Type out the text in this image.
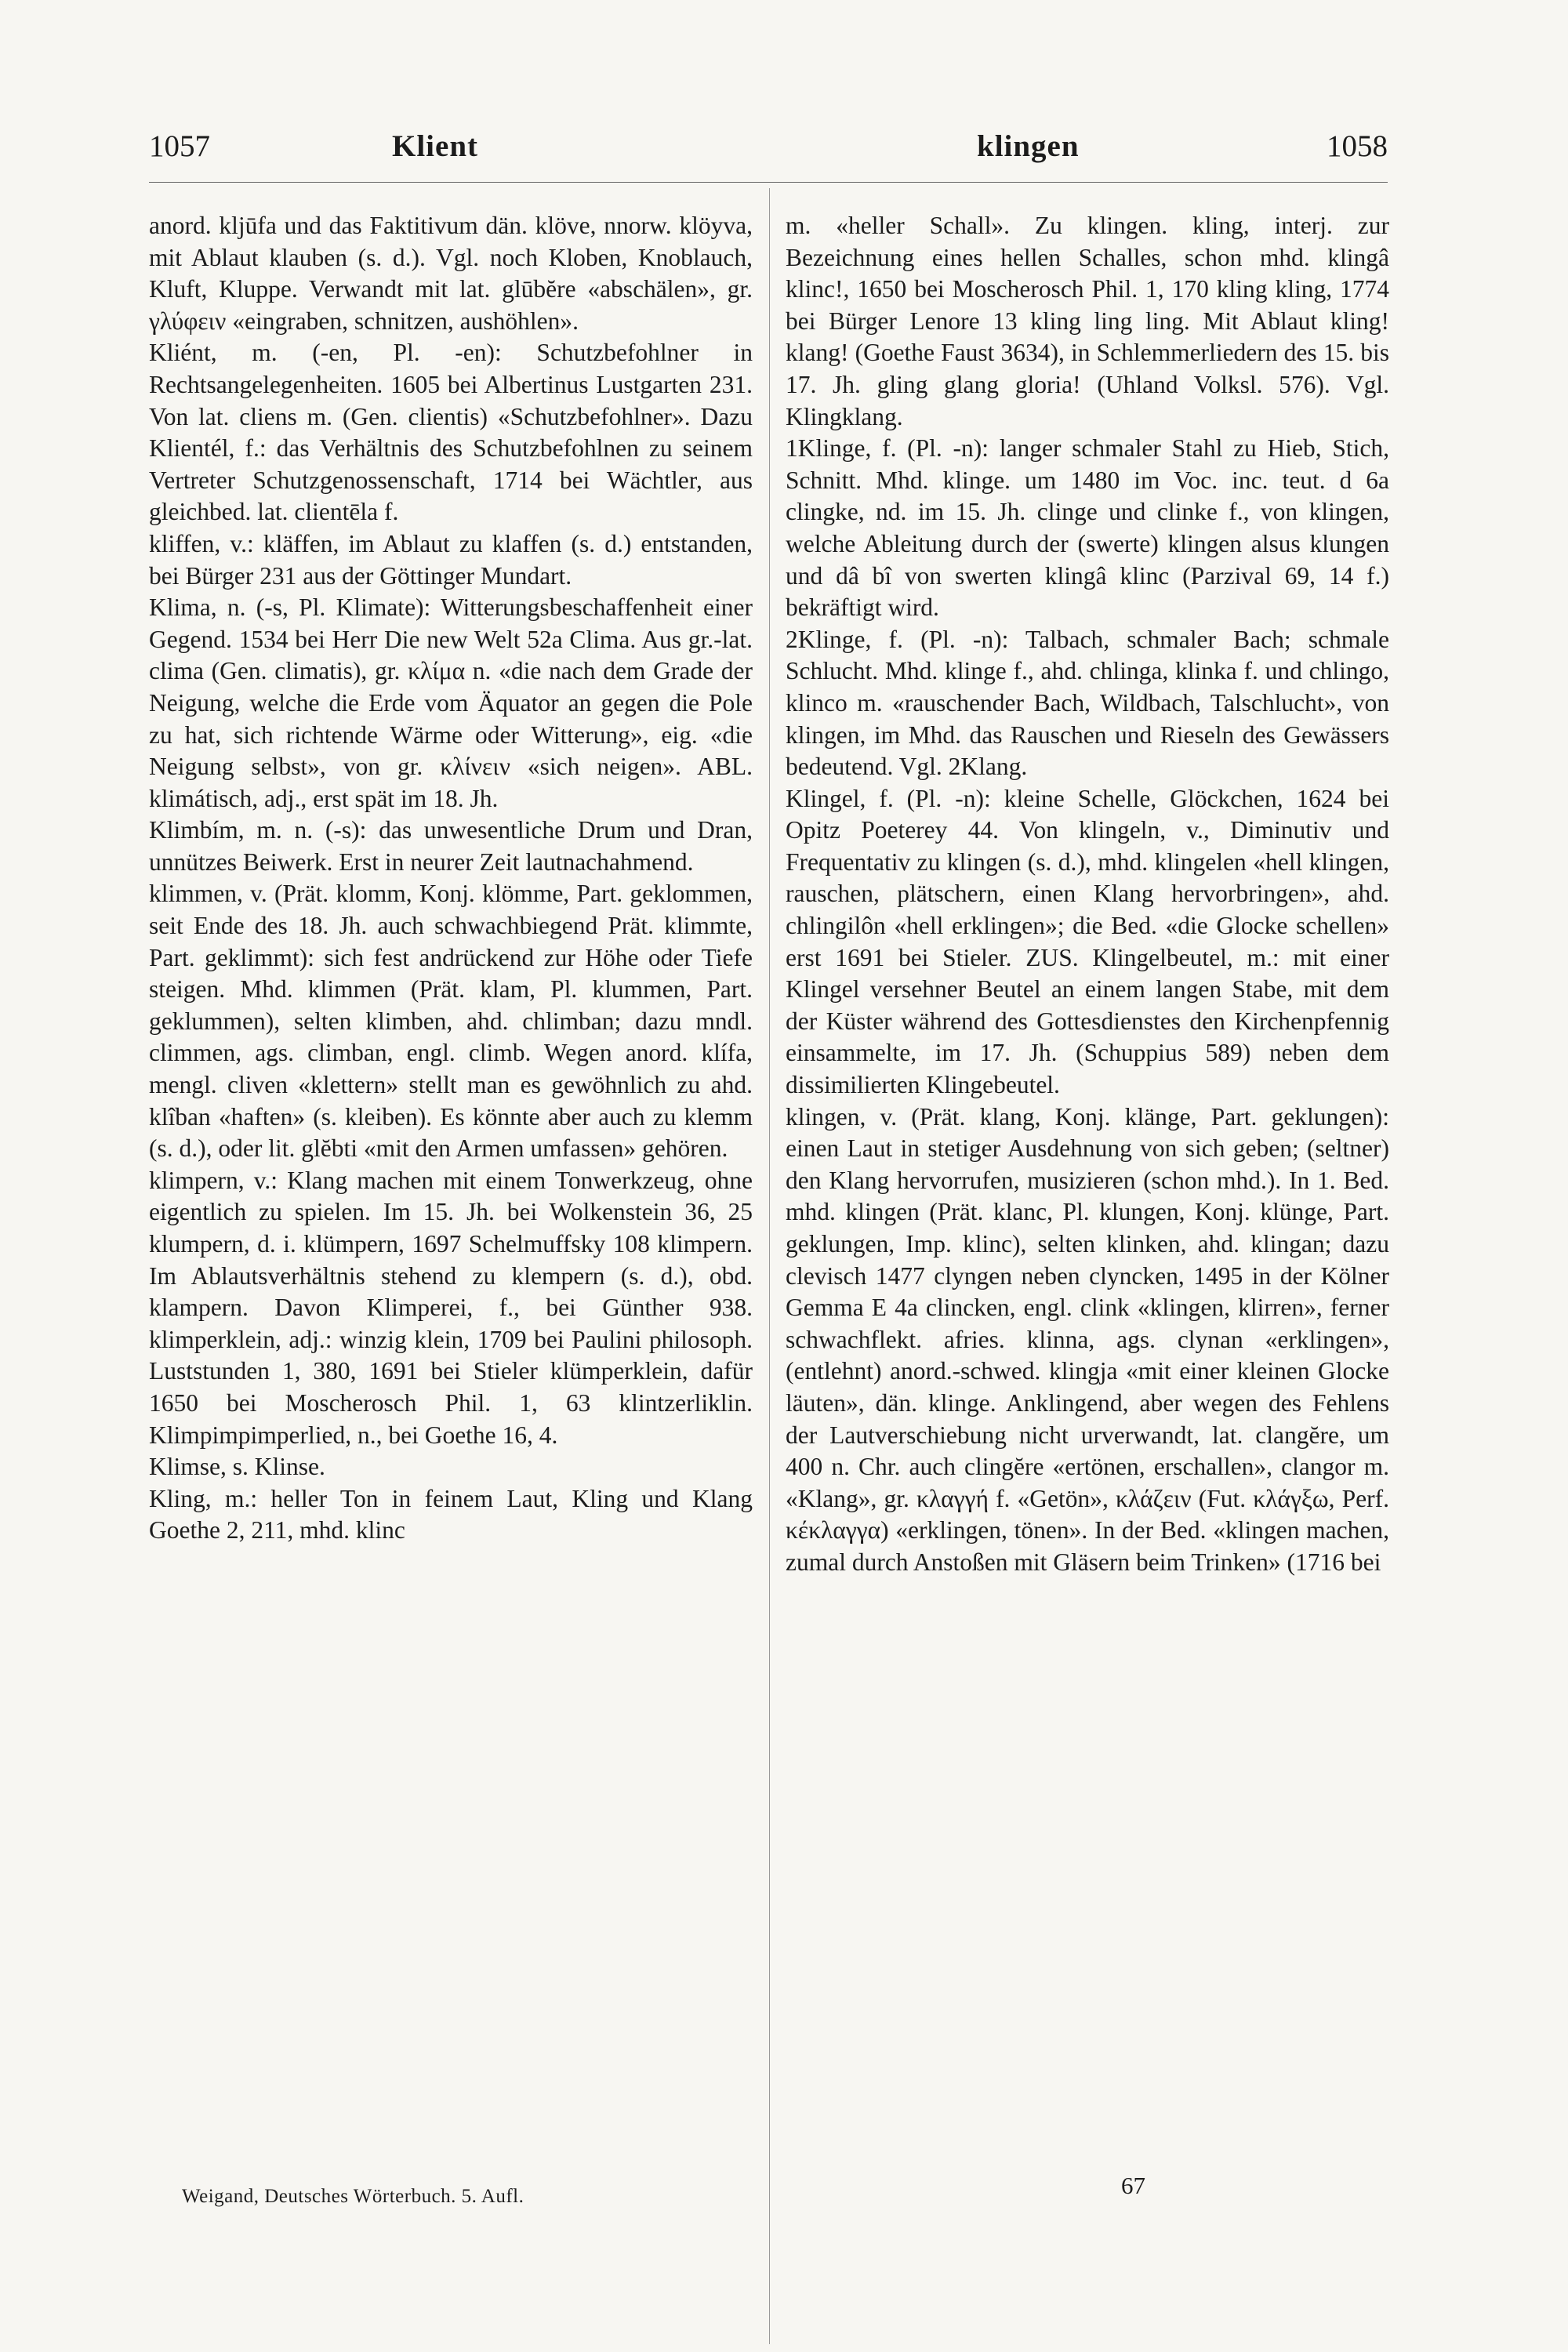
1057	Klient	klingen	1058

anord. kljūfa und das Faktitivum dän. klöve, nnorw. klöyva, mit Ablaut klauben (s. d.). Vgl. noch Kloben, Knoblauch, Kluft, Kluppe. Verwandt mit lat. glūbĕre «abschälen», gr. γλύφειν «eingraben, schnitzen, aushöhlen».

Kliént, m. (-en, Pl. -en): Schutzbefohlner in Rechtsangelegenheiten. 1605 bei Albertinus Lustgarten 231. Von lat. cliens m. (Gen. clientis) «Schutzbefohlner». Dazu Klientél, f.: das Verhältnis des Schutzbefohlnen zu seinem Vertreter Schutzgenossenschaft, 1714 bei Wächtler, aus gleichbed. lat. clientēla f.

kliffen, v.: kläffen, im Ablaut zu klaffen (s. d.) entstanden, bei Bürger 231 aus der Göttinger Mundart.

Klima, n. (-s, Pl. Klimate): Witterungsbeschaffenheit einer Gegend. 1534 bei Herr Die new Welt 52a Clima. Aus gr.-lat. clima (Gen. climatis), gr. κλίμα n. «die nach dem Grade der Neigung, welche die Erde vom Äquator an gegen die Pole zu hat, sich richtende Wärme oder Witterung», eig. «die Neigung selbst», von gr. κλίνειν «sich neigen». ABL. klimátisch, adj., erst spät im 18. Jh.

Klimbím, m. n. (-s): das unwesentliche Drum und Dran, unnützes Beiwerk. Erst in neurer Zeit lautnachahmend.

klimmen, v. (Prät. klomm, Konj. klömme, Part. geklommen, seit Ende des 18. Jh. auch schwachbiegend Prät. klimmte, Part. geklimmt): sich fest andrückend zur Höhe oder Tiefe steigen. Mhd. klimmen (Prät. klam, Pl. klummen, Part. geklummen), selten klimben, ahd. chlimban; dazu mndl. climmen, ags. climban, engl. climb. Wegen anord. klífa, mengl. cliven «klettern» stellt man es gewöhnlich zu ahd. klîban «haften» (s. kleiben). Es könnte aber auch zu klemm (s. d.), oder lit. glĕbti «mit den Armen umfassen» gehören.

klimpern, v.: Klang machen mit einem Tonwerkzeug, ohne eigentlich zu spielen. Im 15. Jh. bei Wolkenstein 36, 25 klumpern, d. i. klümpern, 1697 Schelmuffsky 108 klimpern. Im Ablautsverhältnis stehend zu klempern (s. d.), obd. klampern. Davon Klimperei, f., bei Günther 938. klimperklein, adj.: winzig klein, 1709 bei Paulini philosoph. Luststunden 1, 380, 1691 bei Stieler klümperklein, dafür 1650 bei Moscherosch Phil. 1, 63 klintzerliklin. Klimpimpimperlied, n., bei Goethe 16, 4.

Klimse, s. Klinse.

Kling, m.: heller Ton in feinem Laut, Kling und Klang Goethe 2, 211, mhd. klinc

m. «heller Schall». Zu klingen. kling, interj. zur Bezeichnung eines hellen Schalles, schon mhd. klingâ klinc!, 1650 bei Moscherosch Phil. 1, 170 kling kling, 1774 bei Bürger Lenore 13 kling ling ling. Mit Ablaut kling! klang! (Goethe Faust 3634), in Schlemmerliedern des 15. bis 17. Jh. gling glang gloria! (Uhland Volksl. 576). Vgl. Klingklang.

1Klinge, f. (Pl. -n): langer schmaler Stahl zu Hieb, Stich, Schnitt. Mhd. klinge. um 1480 im Voc. inc. teut. d 6a clingke, nd. im 15. Jh. clinge und clinke f., von klingen, welche Ableitung durch der (swerte) klingen alsus klungen und dâ bî von swerten klingâ klinc (Parzival 69, 14 f.) bekräftigt wird.

2Klinge, f. (Pl. -n): Talbach, schmaler Bach; schmale Schlucht. Mhd. klinge f., ahd. chlinga, klinka f. und chlingo, klinco m. «rauschender Bach, Wildbach, Talschlucht», von klingen, im Mhd. das Rauschen und Rieseln des Gewässers bedeutend. Vgl. 2Klang.

Klingel, f. (Pl. -n): kleine Schelle, Glöckchen, 1624 bei Opitz Poeterey 44. Von klingeln, v., Diminutiv und Frequentativ zu klingen (s. d.), mhd. klingelen «hell klingen, rauschen, plätschern, einen Klang hervorbringen», ahd. chlingilôn «hell erklingen»; die Bed. «die Glocke schellen» erst 1691 bei Stieler. ZUS. Klingelbeutel, m.: mit einer Klingel versehner Beutel an einem langen Stabe, mit dem der Küster während des Gottesdienstes den Kirchenpfennig einsammelte, im 17. Jh. (Schuppius 589) neben dem dissimilierten Klingebeutel.

klingen, v. (Prät. klang, Konj. klänge, Part. geklungen): einen Laut in stetiger Ausdehnung von sich geben; (seltner) den Klang hervorrufen, musizieren (schon mhd.). In 1. Bed. mhd. klingen (Prät. klanc, Pl. klungen, Konj. klünge, Part. geklungen, Imp. klinc), selten klinken, ahd. klingan; dazu clevisch 1477 clyngen neben clyncken, 1495 in der Kölner Gemma E 4a clincken, engl. clink «klingen, klirren», ferner schwachflekt. afries. klinna, ags. clynan «erklingen», (entlehnt) anord.-schwed. klingja «mit einer kleinen Glocke läuten», dän. klinge. Anklingend, aber wegen des Fehlens der Lautverschiebung nicht urverwandt, lat. clangĕre, um 400 n. Chr. auch clingĕre «ertönen, erschallen», clangor m. «Klang», gr. κλαγγή f. «Getön», κλάζειν (Fut. κλάγξω, Perf. κέκλαγγα) «erklingen, tönen». In der Bed. «klingen machen, zumal durch Anstoßen mit Gläsern beim Trinken» (1716 bei

Weigand, Deutsches Wörterbuch. 5. Aufl.	67
